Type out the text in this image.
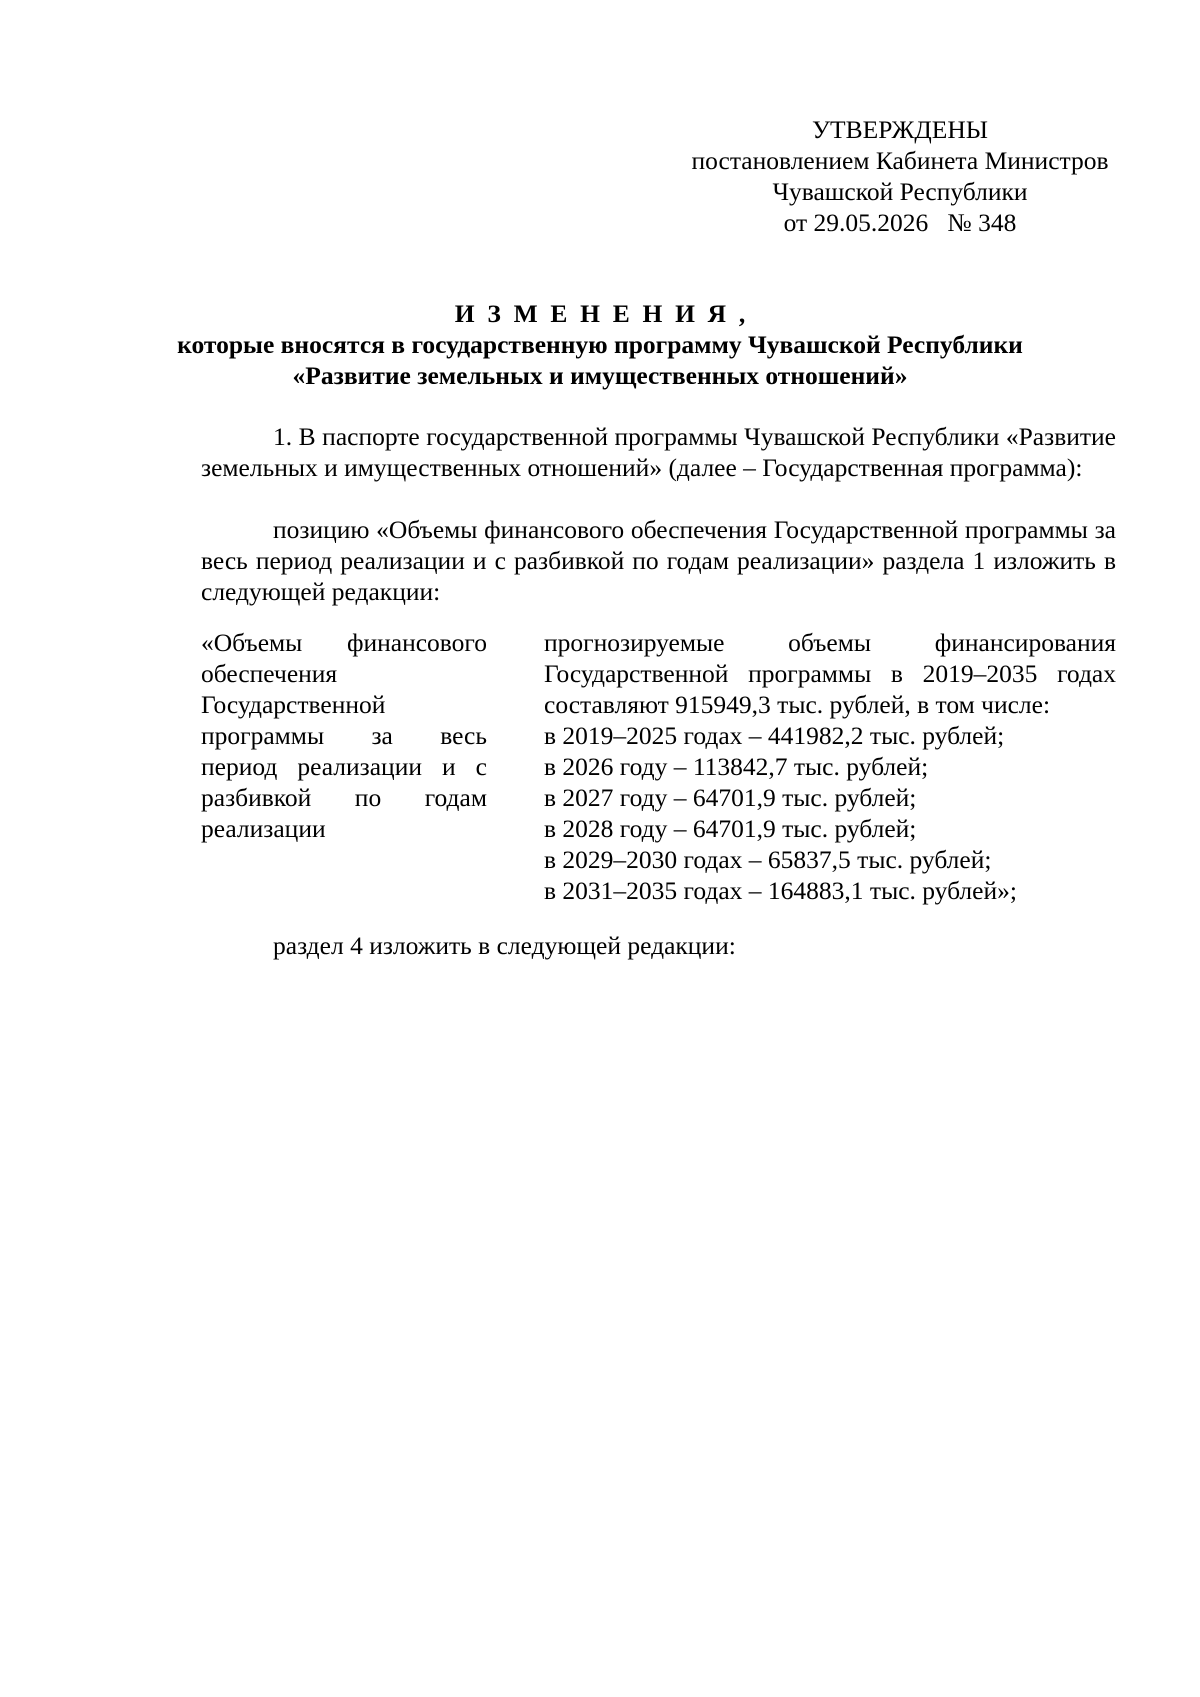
УТВЕРЖДЕНЫ
постановлением Кабинета Министров
Чувашской Республики
от 29.05.2026   № 348
ИЗМЕНЕНИЯ,
которые вносятся в государственную программу Чувашской Республики
«Развитие земельных и имущественных отношений»

1. В паспорте государственной программы Чувашской Республики «Развитие земельных и имущественных отношений» (далее – Государственная программа):

позицию «Объемы финансового обеспечения Государственной программы за весь период реализации и с разбивкой по годам реализации» раздела 1 изложить в следующей редакции:

«Объемы финансового обеспечения Государственной программы за весь период реализации и с разбивкой по годам реализации
прогнозируемые объемы финансирования Государственной программы в 2019–2035 годах составляют 915949,3 тыс. рублей, в том числе:
в 2019–2025 годах – 441982,2 тыс. рублей;
в 2026 году – 113842,7 тыс. рублей;
в 2027 году – 64701,9 тыс. рублей;
в 2028 году – 64701,9 тыс. рублей;
в 2029–2030 годах – 65837,5 тыс. рублей;
в 2031–2035 годах – 164883,1 тыс. рублей»;
раздел 4 изложить в следующей редакции:
